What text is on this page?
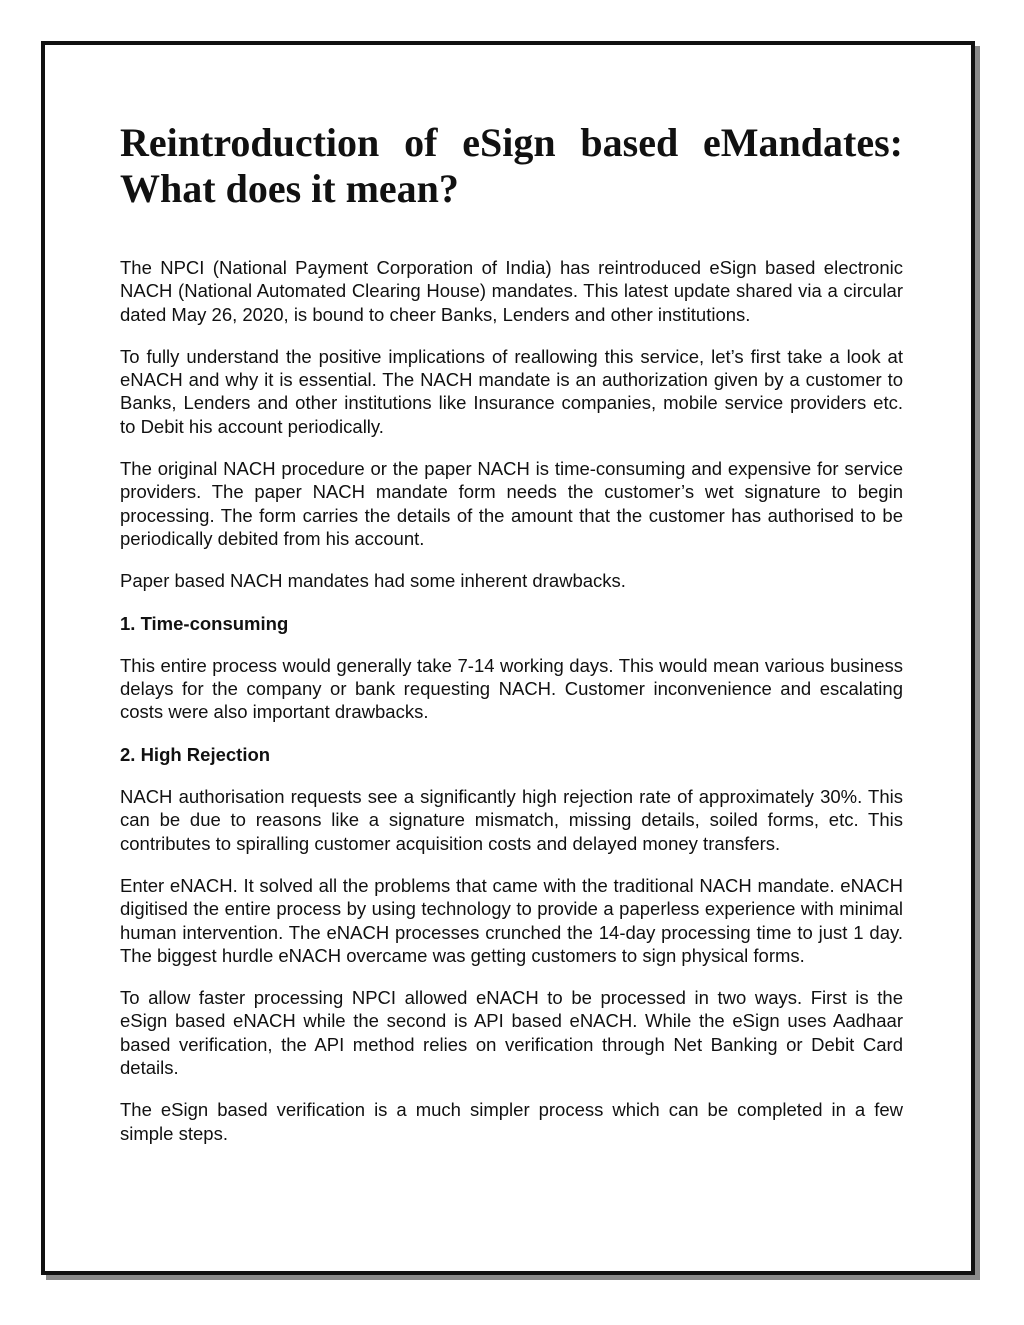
Reintroduction of eSign based eMandates: What does it mean?

The NPCI (National Payment Corporation of India) has reintroduced eSign based electronic NACH (National Automated Clearing House) mandates. This latest update shared via a circular dated May 26, 2020, is bound to cheer Banks, Lenders and other institutions.

To fully understand the positive implications of reallowing this service, let’s first take a look at eNACH and why it is essential. The NACH mandate is an authorization given by a customer to Banks, Lenders and other institutions like Insurance companies, mobile service providers etc. to Debit his account periodically.

The original NACH procedure or the paper NACH is time-consuming and expensive for service providers. The paper NACH mandate form needs the customer’s wet signature to begin processing. The form carries the details of the amount that the customer has authorised to be periodically debited from his account.

Paper based NACH mandates had some inherent drawbacks.

1. Time-consuming

This entire process would generally take 7-14 working days. This would mean various business delays for the company or bank requesting NACH. Customer inconvenience and escalating costs were also important drawbacks.

2. High Rejection

NACH authorisation requests see a significantly high rejection rate of approximately 30%. This can be due to reasons like a signature mismatch, missing details, soiled forms, etc. This contributes to spiralling customer acquisition costs and delayed money transfers.

Enter eNACH. It solved all the problems that came with the traditional NACH mandate. eNACH digitised the entire process by using technology to provide a paperless experience with minimal human intervention. The eNACH processes crunched the 14-day processing time to just 1 day. The biggest hurdle eNACH overcame was getting customers to sign physical forms.

To allow faster processing NPCI allowed eNACH to be processed in two ways. First is the eSign based eNACH while the second is API based eNACH. While the eSign uses Aadhaar based verification, the API method relies on verification through Net Banking or Debit Card details.

The eSign based verification is a much simpler process which can be completed in a few simple steps.
